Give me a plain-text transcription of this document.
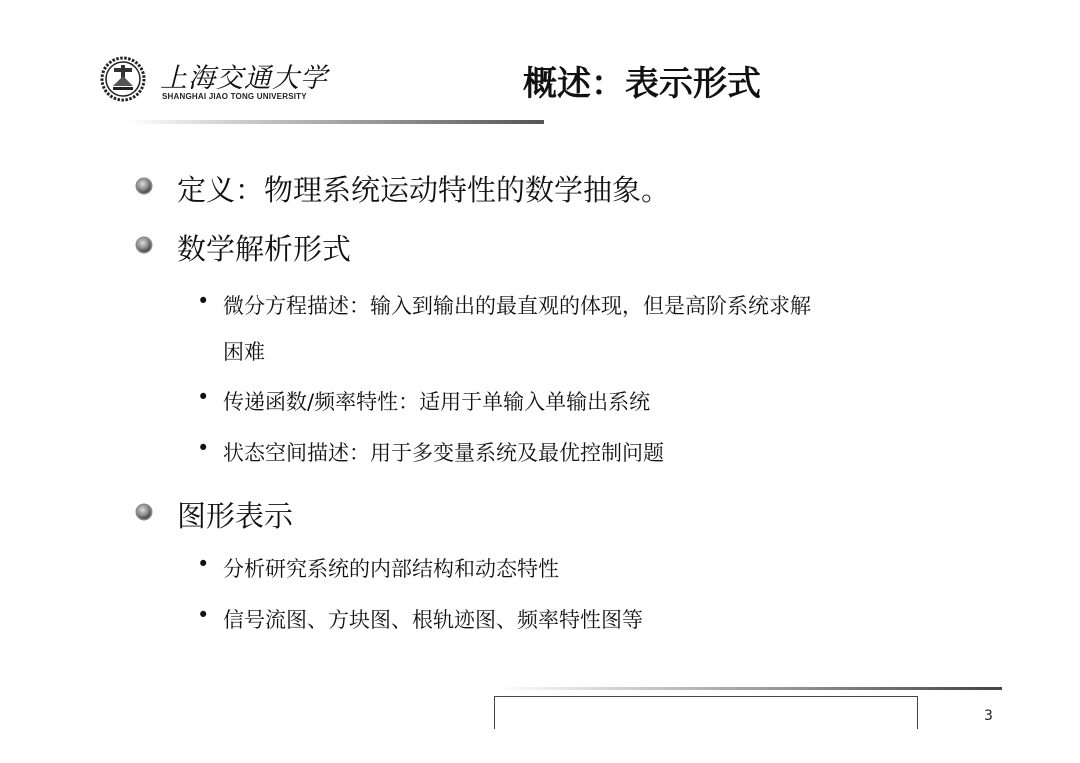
上海交通大学
SHANGHAI JIAO TONG UNIVERSITY	概述：表示形式
定义：物理系统运动特性的数学抽象。
数学解析形式
• 微分方程描述：输入到输出的最直观的体现，但是高阶系统求解
困难
• 传递函数/频率特性：适用于单输入单输出系统
• 状态空间描述：用于多变量系统及最优控制问题
图形表示
• 分析研究系统的内部结构和动态特性
• 信号流图、方块图、根轨迹图、频率特性图等
3
